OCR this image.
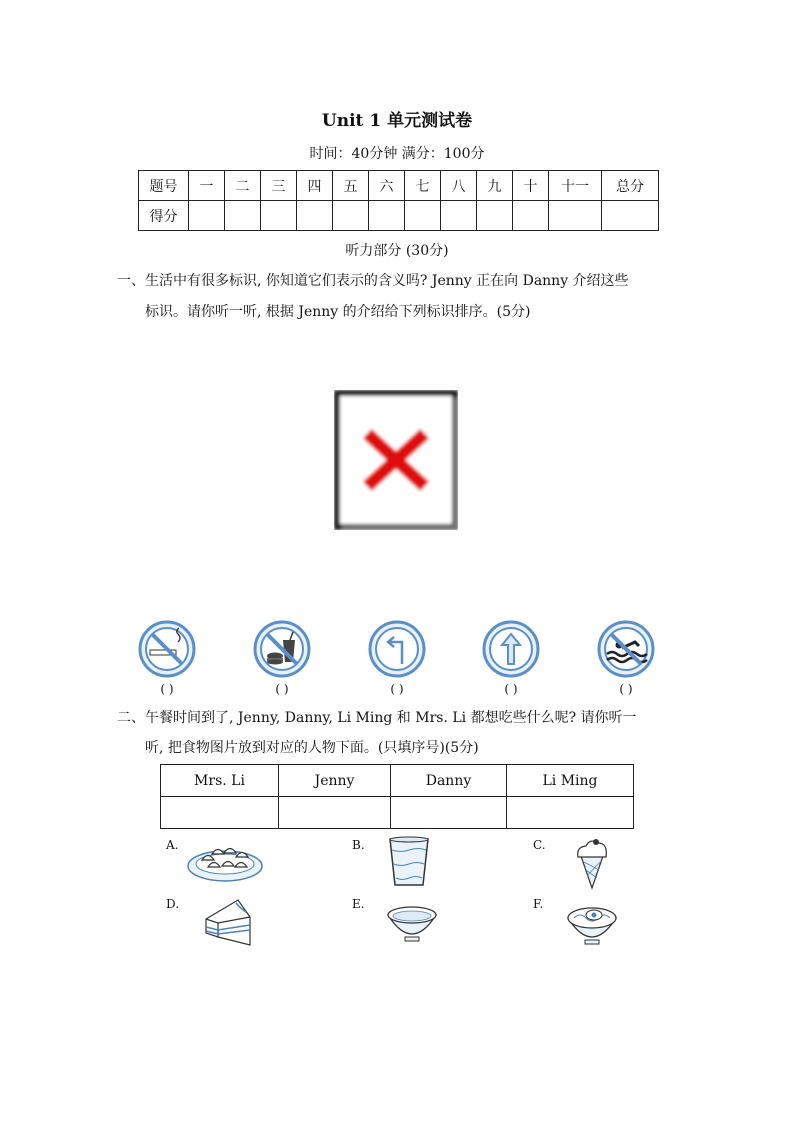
Unit 1 单元测试卷
时间：40分钟 满分：100分
题号	一	二	三	四	五	六	七	八	九	十	十一	总分
得分												
听力部分 (30分)
一、生活中有很多标识, 你知道它们表示的含义吗? Jenny 正在向 Danny 介绍这些
标识。请你听一听, 根据 Jenny 的介绍给下列标识排序。(5分)
( )	( )	( )	( )	( )
二、午餐时间到了, Jenny, Danny, Li Ming 和 Mrs. Li 都想吃些什么呢? 请你听一
听, 把食物图片放到对应的人物下面。(只填序号)(5分)
Mrs. Li	Jenny	Danny	Li Ming

A.	B.	C.
D.	E.	F.
